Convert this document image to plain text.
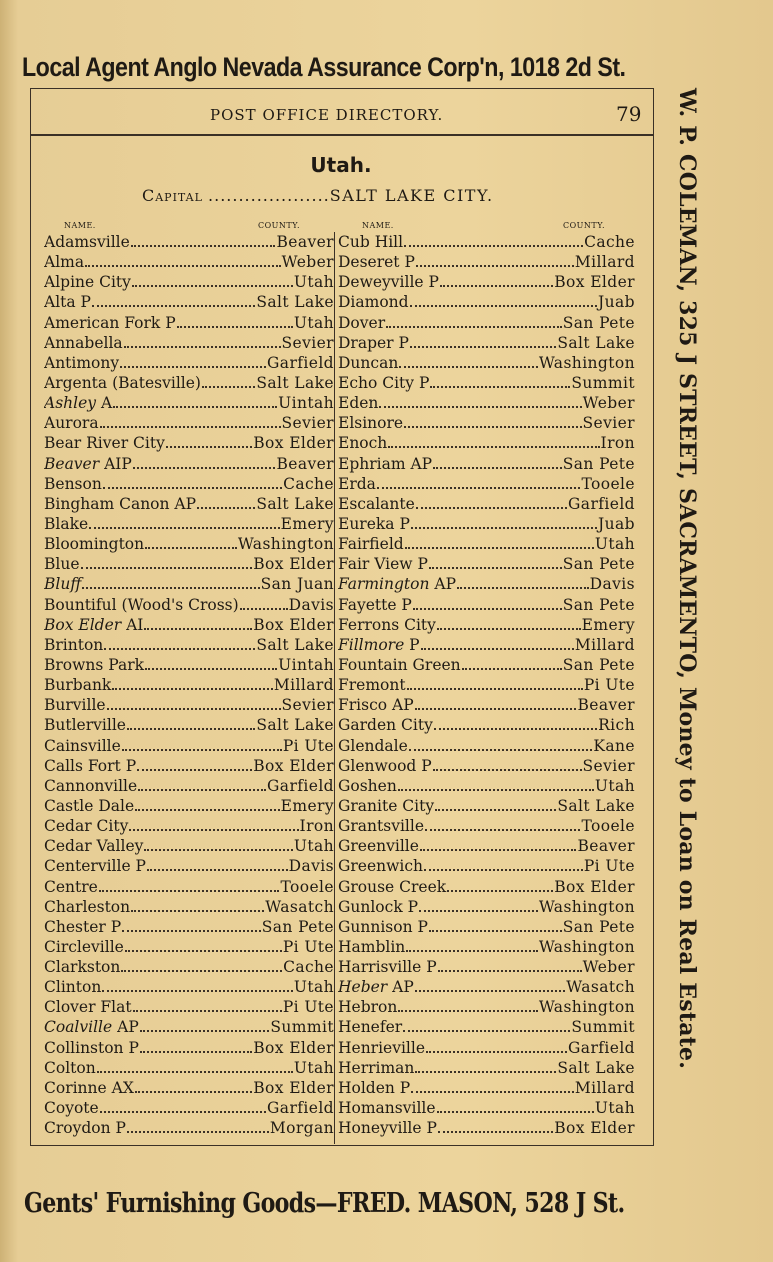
Local Agent Anglo Nevada Assurance Corp'n, 1018 2d St.
POST OFFICE DIRECTORY.	79
Utah.
Capital ....................SALT LAKE CITY.
NAME.	COUNTY.	NAME.	COUNTY.
Adamsville	Beaver
Alma	Weber
Alpine City	Utah
Alta P	Salt Lake
American Fork P	Utah
Annabella	Sevier
Antimony	Garfield
Argenta (Batesville)	Salt Lake
Ashley A	Uintah
Aurora	Sevier
Bear River City	Box Elder
Beaver AIP	Beaver
Benson	Cache
Bingham Canon AP	Salt Lake
Blake	Emery
Bloomington	Washington
Blue	Box Elder
Bluff	San Juan
Bountiful (Wood's Cross)	Davis
Box Elder AI	Box Elder
Brinton	Salt Lake
Browns Park	Uintah
Burbank	Millard
Burville	Sevier
Butlerville	Salt Lake
Cainsville	Pi Ute
Calls Fort P	Box Elder
Cannonville	Garfield
Castle Dale	Emery
Cedar City	Iron
Cedar Valley	Utah
Centerville P	Davis
Centre	Tooele
Charleston	Wasatch
Chester P	San Pete
Circleville	Pi Ute
Clarkston	Cache
Clinton	Utah
Clover Flat	Pi Ute
Coalville AP	Summit
Collinston P	Box Elder
Colton	Utah
Corinne AX	Box Elder
Coyote	Garfield
Croydon P	Morgan
Cub Hill	Cache
Deseret P	Millard
Deweyville P	Box Elder
Diamond	Juab
Dover	San Pete
Draper P	Salt Lake
Duncan	Washington
Echo City P	Summit
Eden	Weber
Elsinore	Sevier
Enoch	Iron
Ephriam AP	San Pete
Erda	Tooele
Escalante	Garfield
Eureka P	Juab
Fairfield	Utah
Fair View P	San Pete
Farmington AP	Davis
Fayette P	San Pete
Ferrons City	Emery
Fillmore P	Millard
Fountain Green	San Pete
Fremont	Pi Ute
Frisco AP	Beaver
Garden City	Rich
Glendale	Kane
Glenwood P	Sevier
Goshen	Utah
Granite City	Salt Lake
Grantsville	Tooele
Greenville	Beaver
Greenwich	Pi Ute
Grouse Creek	Box Elder
Gunlock P	Washington
Gunnison P	San Pete
Hamblin	Washington
Harrisville P	Weber
Heber AP	Wasatch
Hebron	Washington
Henefer	Summit
Henrieville	Garfield
Herriman	Salt Lake
Holden P	Millard
Homansville	Utah
Honeyville P	Box Elder
Gents' Furnishing Goods—FRED. MASON, 528 J St.
W. P. COLEMAN, 325 J STREET, SACRAMENTO, Money to Loan on Real Estate.
